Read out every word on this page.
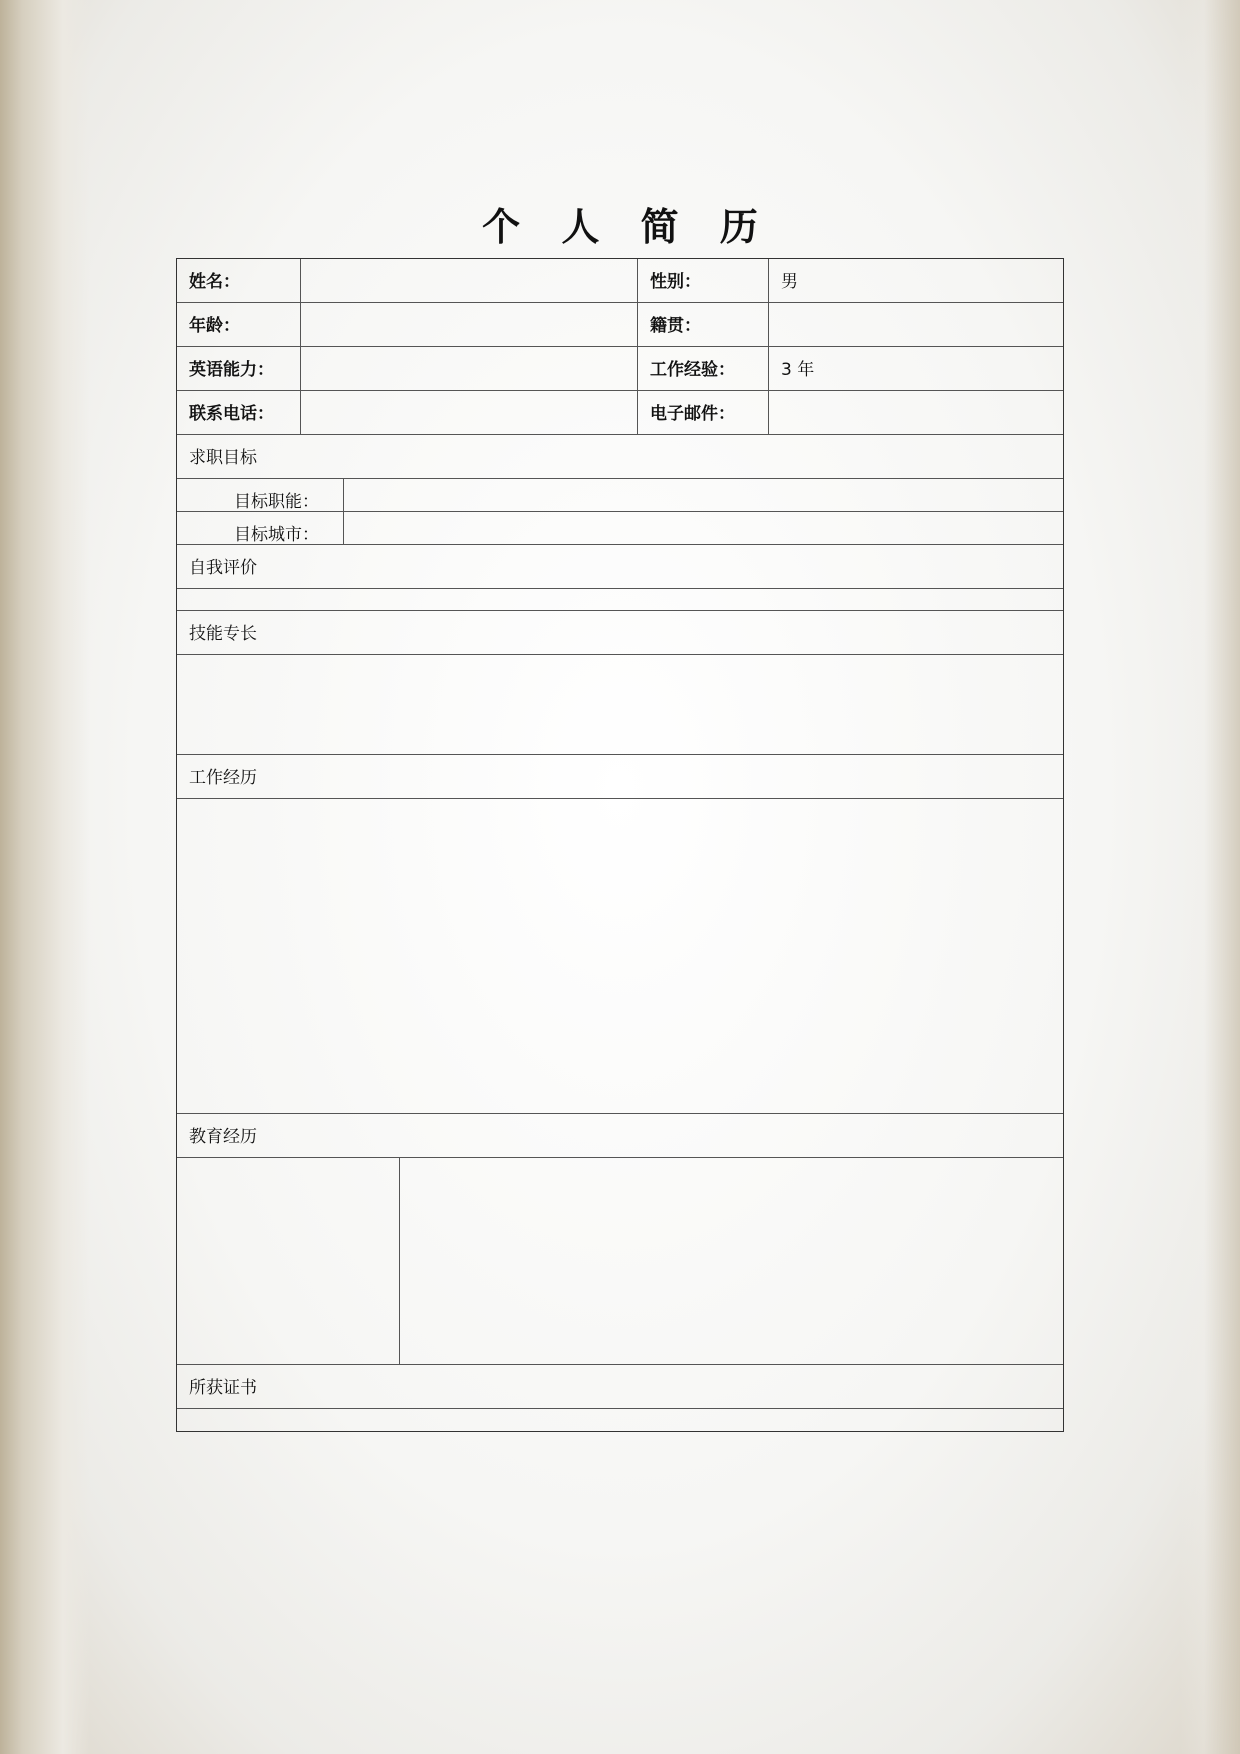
个 人 简 历
姓名：	性别：	男
年龄：	籍贯：
英语能力：	工作经验：	3 年
联系电话：	电子邮件：
求职目标
目标职能：
目标城市：
自我评价
技能专长
工作经历
教育经历
所获证书
